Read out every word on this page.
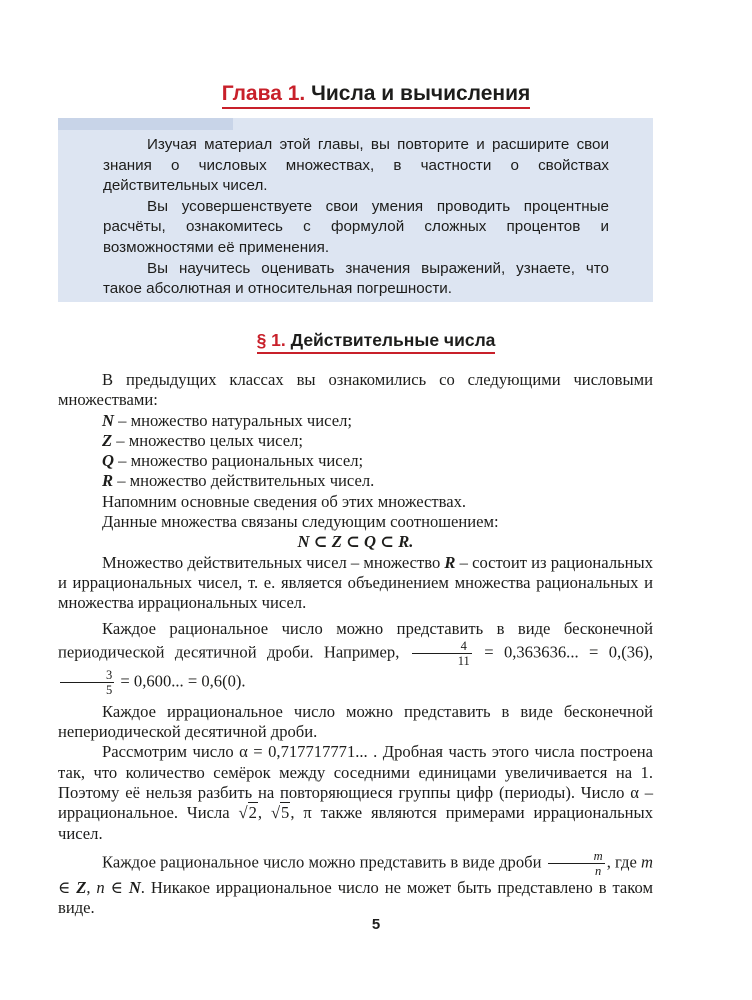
Глава 1. Числа и вычисления

Изучая материал этой главы, вы повторите и расширите свои знания о числовых множествах, в частности о свойствах действительных чисел.

Вы усовершенствуете свои умения проводить процентные расчёты, ознакомитесь с формулой сложных процентов и возможностями её применения.

Вы научитесь оценивать значения выражений, узнаете, что такое абсолютная и относительная погрешности.

§ 1. Действительные числа

В предыдущих классах вы ознакомились со следующими числовыми множествами:

N – множество натуральных чисел;

Z – множество целых чисел;

Q – множество рациональных чисел;

R – множество действительных чисел.

Напомним основные сведения об этих множествах.

Данные множества связаны следующим соотношением:

N ⊂ Z ⊂ Q ⊂ R.

Множество действительных чисел – множество R – состоит из рациональных и иррациональных чисел, т. е. является объединением множества рациональных и множества иррациональных чисел.

Каждое рациональное число можно представить в виде бесконечной периодической десятичной дроби. Например, $\frac{4}{11} = 0,363636$... = 0,(36),
$\frac{3}{5} = 0,600$... = 0,6(0).

Каждое иррациональное число можно представить в виде бесконечной непериодической десятичной дроби.

Рассмотрим число α = 0,717717771... . Дробная часть этого числа построена так, что количество семёрок между соседними единицами увеличивается на 1. Поэтому её нельзя разбить на повторяющиеся группы цифр (периоды). Число α – иррациональное. Числа √2, √5, π также являются примерами иррациональных чисел.

Каждое рациональное число можно представить в виде дроби $\frac{m}{n}$ , где m ∈ Z, n ∈ N. Никакое иррациональное число не может быть представлено в таком виде.

5
